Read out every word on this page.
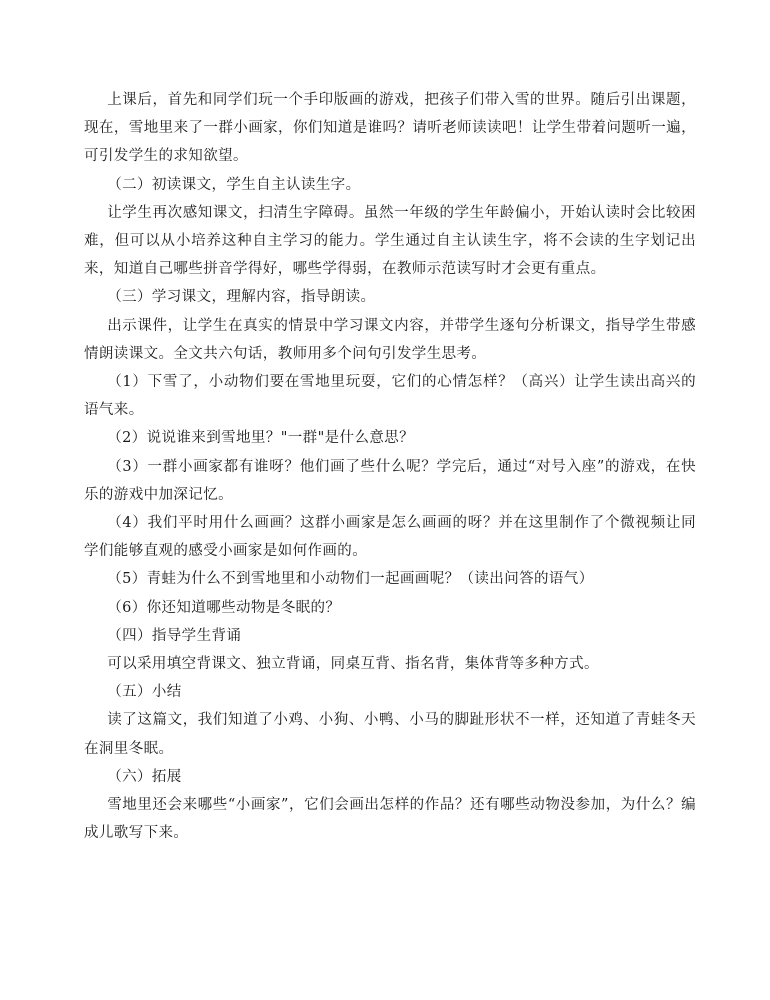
上课后，首先和同学们玩一个手印版画的游戏，把孩子们带入雪的世界。随后引出课题，现在，雪地里来了一群小画家，你们知道是谁吗？请听老师读读吧！让学生带着问题听一遍，可引发学生的求知欲望。

（二）初读课文，学生自主认读生字。

让学生再次感知课文，扫清生字障碍。虽然一年级的学生年龄偏小，开始认读时会比较困难，但可以从小培养这种自主学习的能力。学生通过自主认读生字，将不会读的生字划记出来，知道自己哪些拼音学得好，哪些学得弱，在教师示范读写时才会更有重点。

（三）学习课文，理解内容，指导朗读。

出示课件，让学生在真实的情景中学习课文内容，并带学生逐句分析课文，指导学生带感情朗读课文。全文共六句话，教师用多个问句引发学生思考。

（1）下雪了，小动物们要在雪地里玩耍，它们的心情怎样？（高兴）让学生读出高兴的语气来。

（2）说说谁来到雪地里？"一群"是什么意思？

（3）一群小画家都有谁呀？他们画了些什么呢？学完后，通过“对号入座”的游戏，在快乐的游戏中加深记忆。

（4）我们平时用什么画画？这群小画家是怎么画画的呀？并在这里制作了个微视频让同学们能够直观的感受小画家是如何作画的。

（5）青蛙为什么不到雪地里和小动物们一起画画呢？（读出问答的语气）

（6）你还知道哪些动物是冬眠的？

（四）指导学生背诵

可以采用填空背课文、独立背诵，同桌互背、指名背，集体背等多种方式。

（五）小结

读了这篇文，我们知道了小鸡、小狗、小鸭、小马的脚趾形状不一样，还知道了青蛙冬天在洞里冬眠。

（六）拓展

雪地里还会来哪些“小画家”，它们会画出怎样的作品？还有哪些动物没参加，为什么？编成儿歌写下来。
